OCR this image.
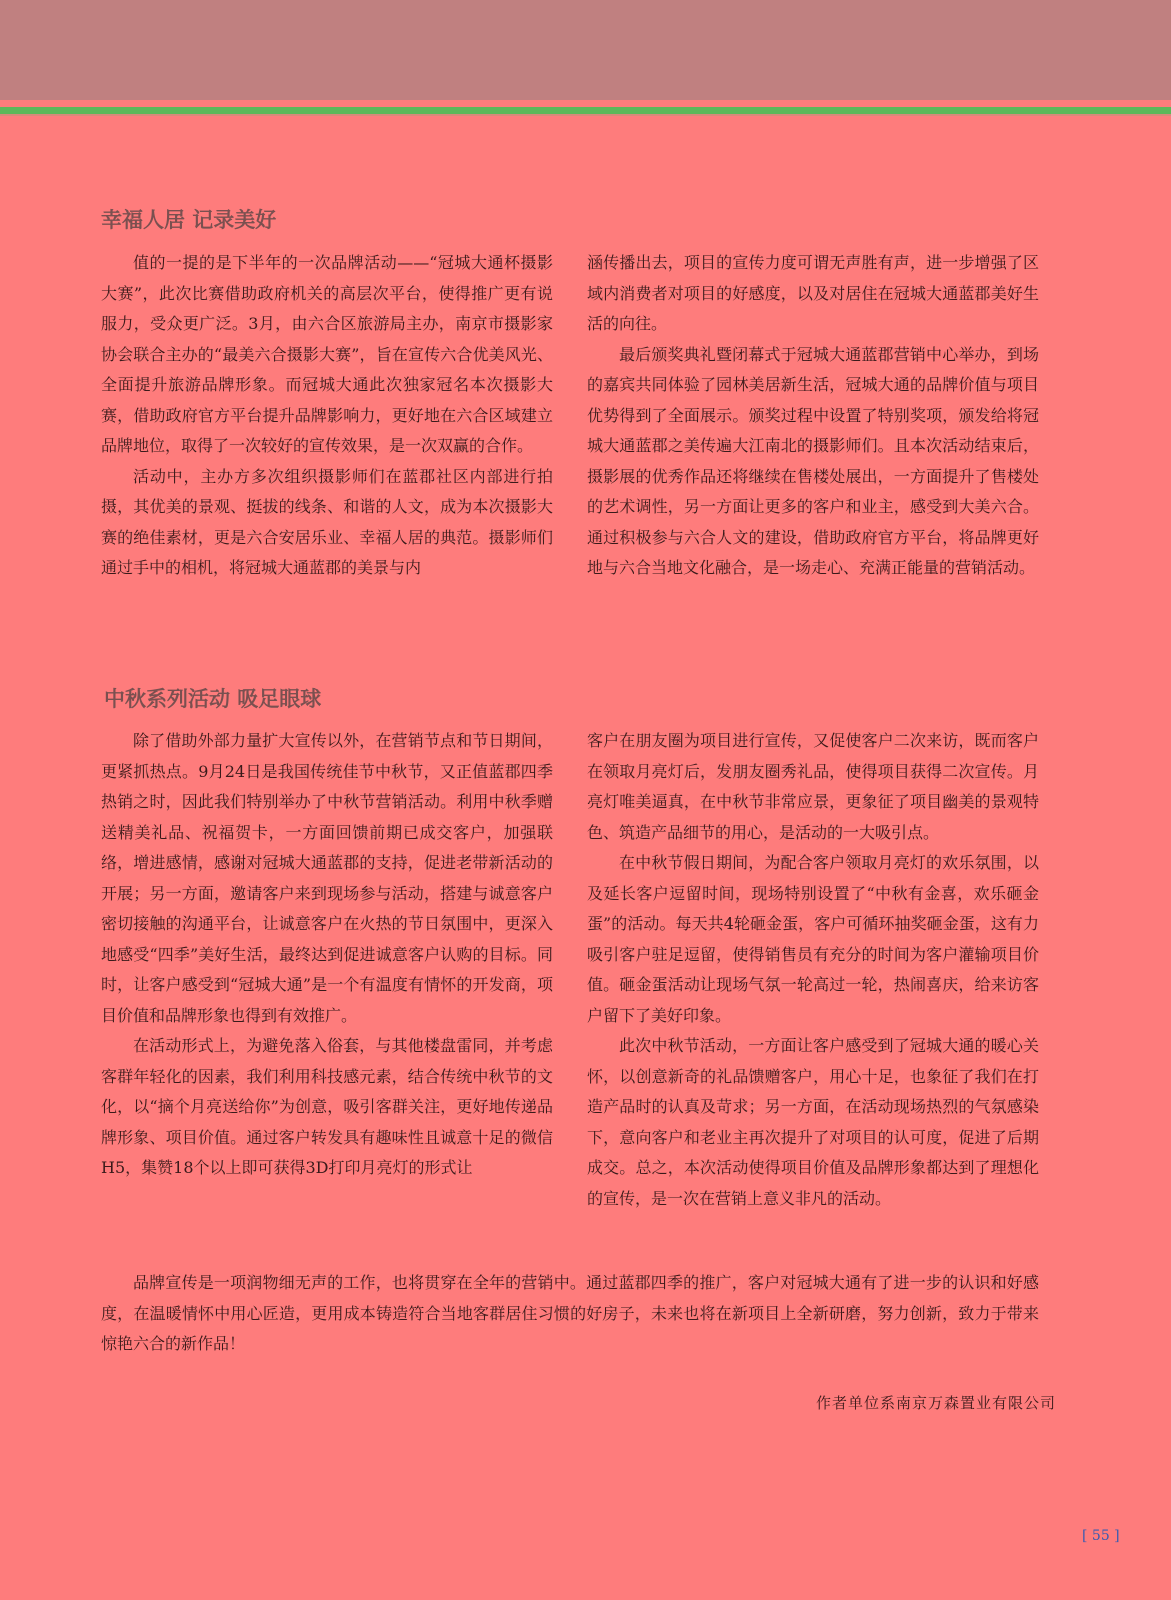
幸福人居 记录美好

值的一提的是下半年的一次品牌活动——“冠城大通杯摄影大赛”，此次比赛借助政府机关的高层次平台，使得推广更有说服力，受众更广泛。3月，由六合区旅游局主办，南京市摄影家协会联合主办的“最美六合摄影大赛”，旨在宣传六合优美风光、全面提升旅游品牌形象。而冠城大通此次独家冠名本次摄影大赛，借助政府官方平台提升品牌影响力，更好地在六合区域建立品牌地位，取得了一次较好的宣传效果，是一次双赢的合作。

活动中，主办方多次组织摄影师们在蓝郡社区内部进行拍摄，其优美的景观、挺拔的线条、和谐的人文，成为本次摄影大赛的绝佳素材，更是六合安居乐业、幸福人居的典范。摄影师们通过手中的相机，将冠城大通蓝郡的美景与内

涵传播出去，项目的宣传力度可谓无声胜有声，进一步增强了区域内消费者对项目的好感度，以及对居住在冠城大通蓝郡美好生活的向往。

最后颁奖典礼暨闭幕式于冠城大通蓝郡营销中心举办，到场的嘉宾共同体验了园林美居新生活，冠城大通的品牌价值与项目优势得到了全面展示。颁奖过程中设置了特别奖项，颁发给将冠城大通蓝郡之美传遍大江南北的摄影师们。且本次活动结束后，摄影展的优秀作品还将继续在售楼处展出，一方面提升了售楼处的艺术调性，另一方面让更多的客户和业主，感受到大美六合。通过积极参与六合人文的建设，借助政府官方平台，将品牌更好地与六合当地文化融合，是一场走心、充满正能量的营销活动。

中秋系列活动 吸足眼球

除了借助外部力量扩大宣传以外，在营销节点和节日期间，更紧抓热点。9月24日是我国传统佳节中秋节，又正值蓝郡四季热销之时，因此我们特别举办了中秋节营销活动。利用中秋季赠送精美礼品、祝福贺卡，一方面回馈前期已成交客户，加强联络，增进感情，感谢对冠城大通蓝郡的支持，促进老带新活动的开展；另一方面，邀请客户来到现场参与活动，搭建与诚意客户密切接触的沟通平台，让诚意客户在火热的节日氛围中，更深入地感受“四季”美好生活，最终达到促进诚意客户认购的目标。同时，让客户感受到“冠城大通”是一个有温度有情怀的开发商，项目价值和品牌形象也得到有效推广。

在活动形式上，为避免落入俗套，与其他楼盘雷同，并考虑客群年轻化的因素，我们利用科技感元素，结合传统中秋节的文化，以“摘个月亮送给你”为创意，吸引客群关注，更好地传递品牌形象、项目价值。通过客户转发具有趣味性且诚意十足的微信H5，集赞18个以上即可获得3D打印月亮灯的形式让

客户在朋友圈为项目进行宣传，又促使客户二次来访，既而客户在领取月亮灯后，发朋友圈秀礼品，使得项目获得二次宣传。月亮灯唯美逼真，在中秋节非常应景，更象征了项目幽美的景观特色、筑造产品细节的用心，是活动的一大吸引点。

在中秋节假日期间，为配合客户领取月亮灯的欢乐氛围，以及延长客户逗留时间，现场特别设置了“中秋有金喜，欢乐砸金蛋”的活动。每天共4轮砸金蛋，客户可循环抽奖砸金蛋，这有力吸引客户驻足逗留，使得销售员有充分的时间为客户灌输项目价值。砸金蛋活动让现场气氛一轮高过一轮，热闹喜庆，给来访客户留下了美好印象。

此次中秋节活动，一方面让客户感受到了冠城大通的暖心关怀，以创意新奇的礼品馈赠客户，用心十足，也象征了我们在打造产品时的认真及苛求；另一方面，在活动现场热烈的气氛感染下，意向客户和老业主再次提升了对项目的认可度，促进了后期成交。总之，本次活动使得项目价值及品牌形象都达到了理想化的宣传，是一次在营销上意义非凡的活动。

品牌宣传是一项润物细无声的工作，也将贯穿在全年的营销中。通过蓝郡四季的推广，客户对冠城大通有了进一步的认识和好感度，在温暖情怀中用心匠造，更用成本铸造符合当地客群居住习惯的好房子，未来也将在新项目上全新研磨，努力创新，致力于带来惊艳六合的新作品！

作者单位系南京万森置业有限公司
[ 55 ]
